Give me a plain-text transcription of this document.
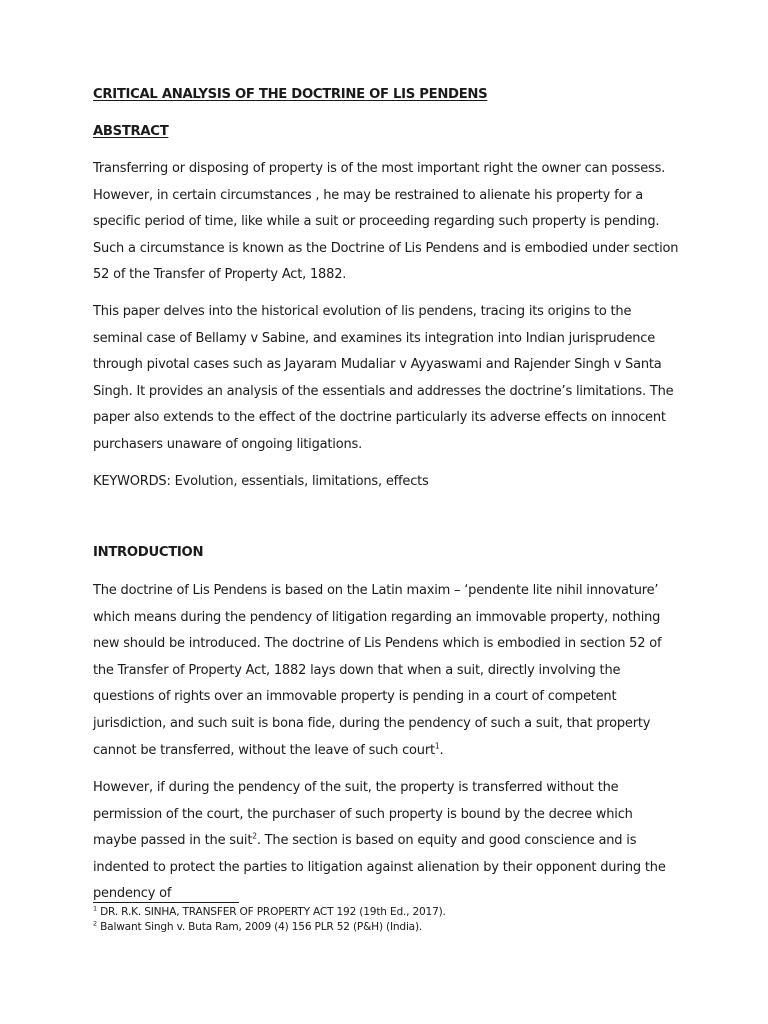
CRITICAL ANALYSIS OF THE DOCTRINE OF LIS PENDENS
ABSTRACT

Transferring or disposing of property is of the most important right the owner can possess. However, in certain circumstances , he may be restrained to alienate his property for a specific period of time, like while a suit or proceeding regarding such property is pending. Such a circumstance is known as the Doctrine of Lis Pendens and is embodied under section 52 of the Transfer of Property Act, 1882.

This paper delves into the historical evolution of lis pendens, tracing its origins to the seminal case of Bellamy v Sabine, and examines its integration into Indian jurisprudence through pivotal cases such as Jayaram Mudaliar v Ayyaswami and Rajender Singh v Santa Singh. It provides an analysis of the essentials and addresses the doctrine’s limitations. The paper also extends to the effect of the doctrine particularly its adverse effects on innocent purchasers unaware of ongoing litigations.

KEYWORDS: Evolution, essentials, limitations, effects

INTRODUCTION

The doctrine of Lis Pendens is based on the Latin maxim – ‘pendente lite nihil innovature’ which means during the pendency of litigation regarding an immovable property, nothing new should be introduced. The doctrine of Lis Pendens which is embodied in section 52 of the Transfer of Property Act, 1882 lays down that when a suit, directly involving the questions of rights over an immovable property is pending in a court of competent jurisdiction, and such suit is bona fide, during the pendency of such a suit, that property cannot be transferred, without the leave of such court$^1$.

However, if during the pendency of the suit, the property is transferred without the permission of the court, the purchaser of such property is bound by the decree which maybe passed in the suit$^2$. The section is based on equity and good conscience and is indented to protect the parties to litigation against alienation by their opponent during the pendency of

$^1$ DR. R.K. SINHA, TRANSFER OF PROPERTY ACT 192 (19th Ed., 2017).
$^2$ Balwant Singh v. Buta Ram, 2009 (4) 156 PLR 52 (P&H) (India).
